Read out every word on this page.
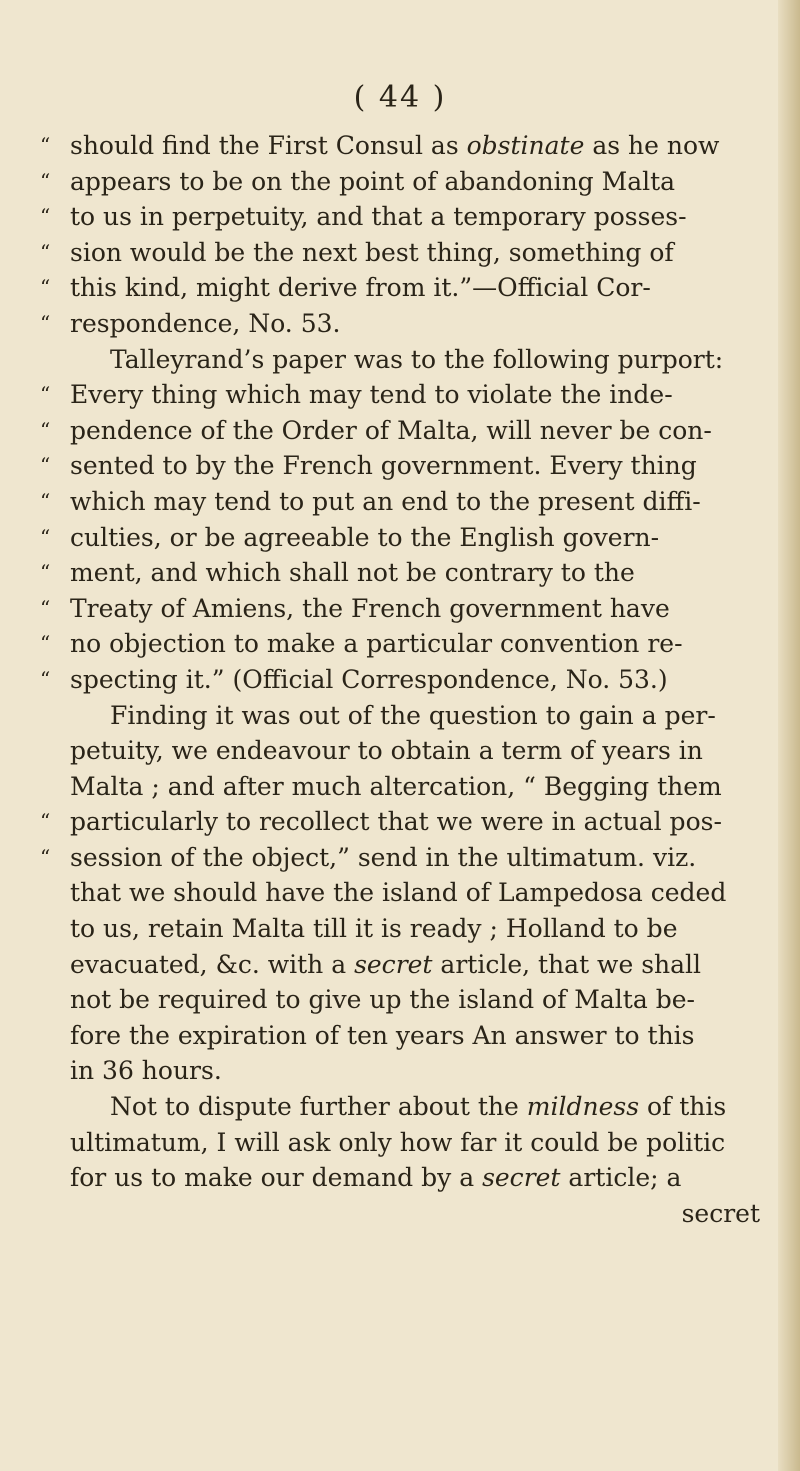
( 44 )
“ should find the First Consul as obstinate as he now
“ appears to be on the point of abandoning Malta
“ to us in perpetuity, and that a temporary posses-
“ sion would be the next best thing, something of
“ this kind, might derive from it.”—Official Cor-
“ respondence, No. 53.
Talleyrand’s paper was to the following purport:
“ Every thing which may tend to violate the inde-
“ pendence of the Order of Malta, will never be con-
“ sented to by the French government. Every thing
“ which may tend to put an end to the present diffi-
“ culties, or be agreeable to the English govern-
“ ment, and which shall not be contrary to the
“ Treaty of Amiens, the French government have
“ no objection to make a particular convention re-
“ specting it.” (Official Correspondence, No. 53.)
Finding it was out of the question to gain a per-
petuity, we endeavour to obtain a term of years in
Malta ; and after much altercation, “ Begging them
“ particularly to recollect that we were in actual pos-
“ session of the object,” send in the ultimatum. viz.
that we should have the island of Lampedosa ceded
to us, retain Malta till it is ready ; Holland to be
evacuated, &c. with a secret article, that we shall
not be required to give up the island of Malta be-
fore the expiration of ten years An answer to this
in 36 hours.
Not to dispute further about the mildness of this
ultimatum, I will ask only how far it could be politic
for us to make our demand by a secret article; a
secret
